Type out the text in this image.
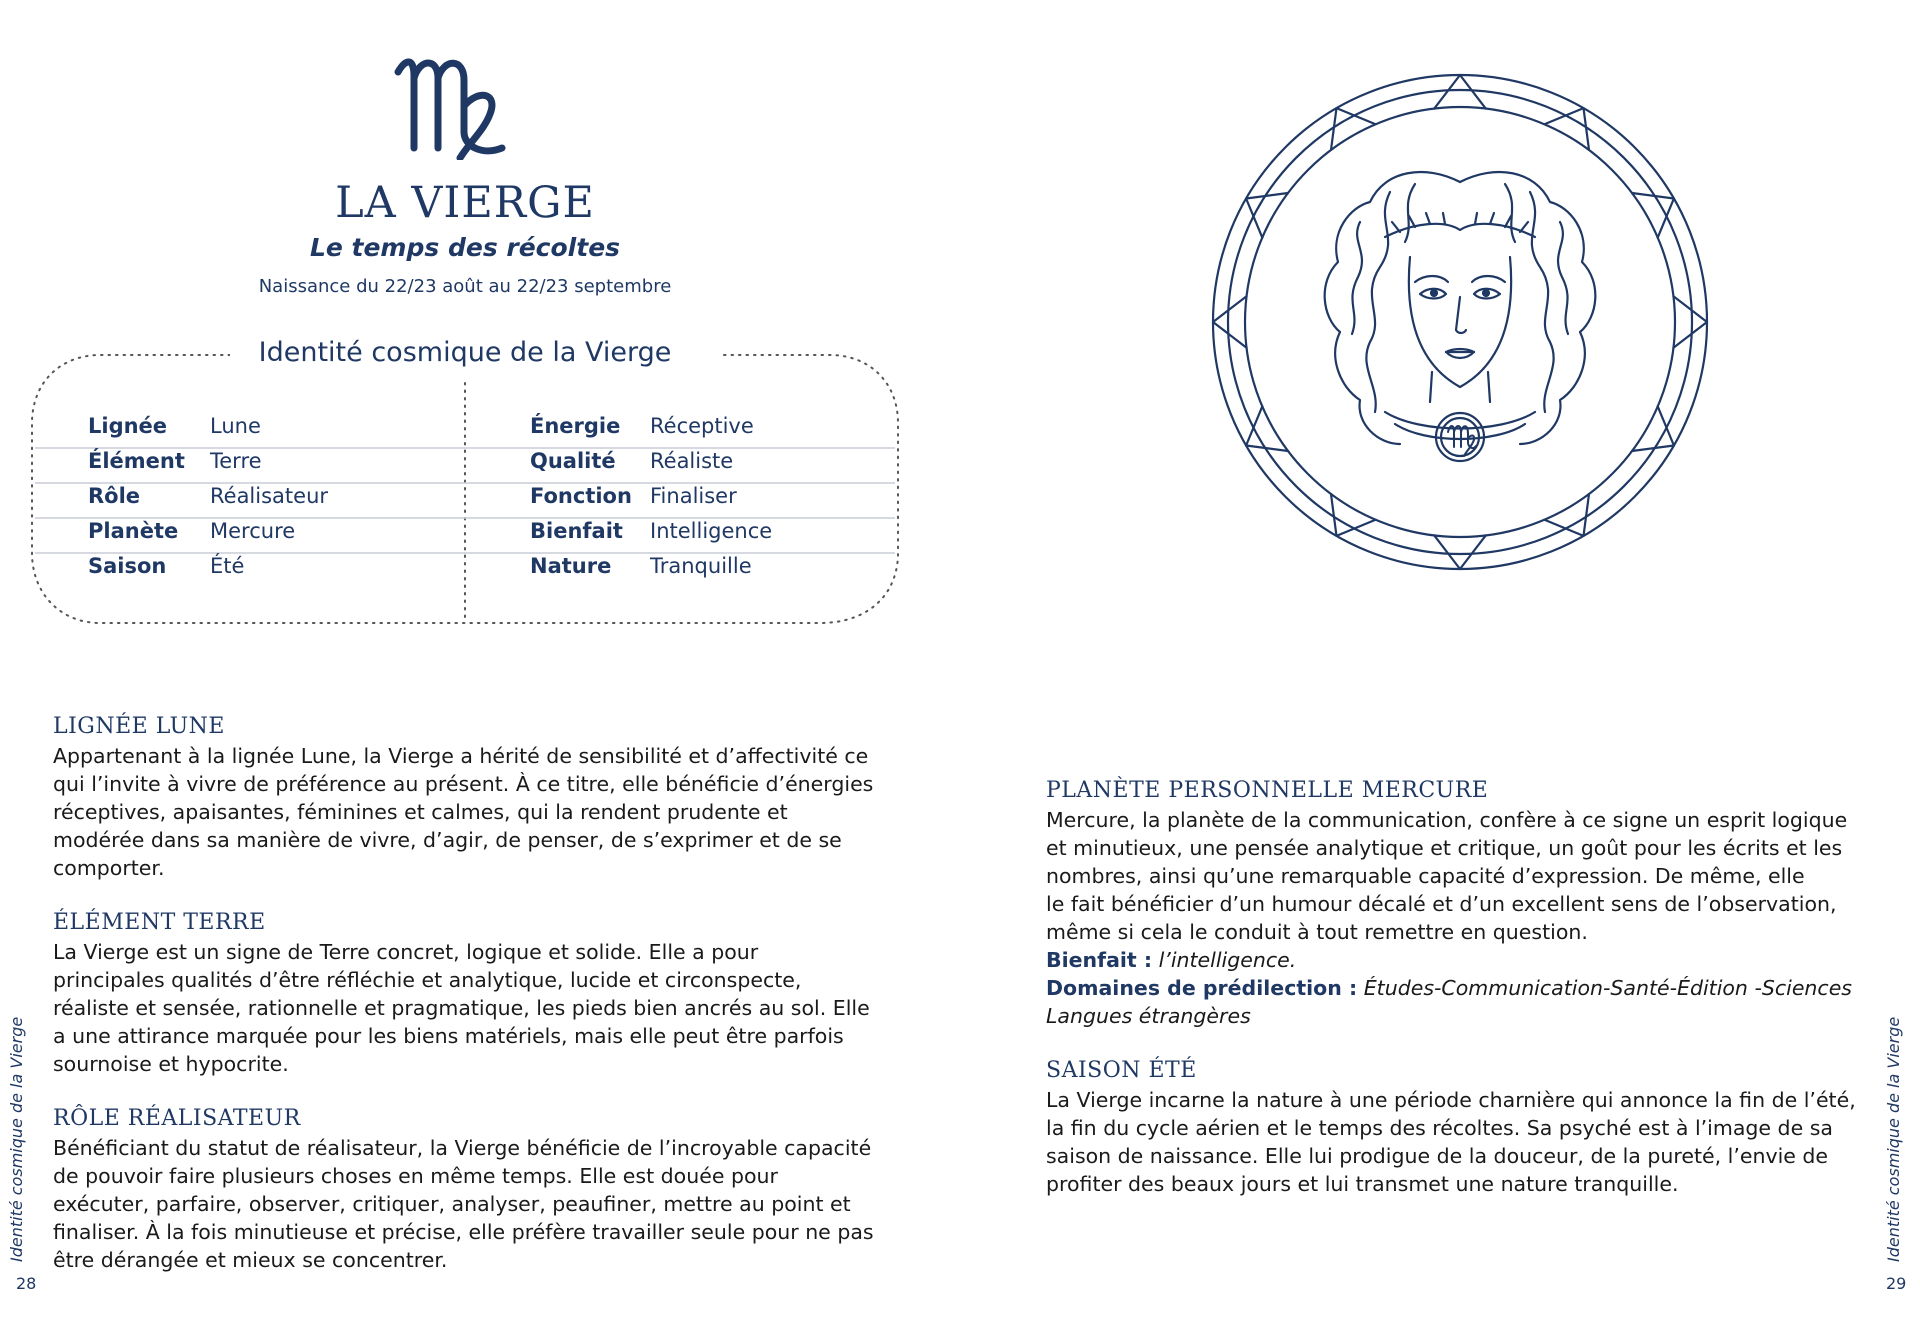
LA VIERGE
Le temps des récoltes
Naissance du 22/23 août au 22/23 septembre
Identité cosmique de la Vierge
Lignée Lune
Élément Terre
Rôle	Réalisateur
Planète Mercure
Saison Été
Énergie Réceptive
Qualité Réaliste
Fonction Finaliser
Bienfait Intelligence
Nature Tranquille
LIGNÉE LUNE
Appartenant à la lignée Lune, la Vierge a hérité de sensibilité et d’affectivité ce
qui l’invite à vivre de préférence au présent. À ce titre, elle bénéficie d’énergies
réceptives, apaisantes, féminines et calmes, qui la rendent prudente et
modérée dans sa manière de vivre, d’agir, de penser, de s’exprimer et de se
comporter.
ÉLÉMENT TERRE
La Vierge est un signe de Terre concret, logique et solide. Elle a pour
principales qualités d’être réfléchie et analytique, lucide et circonspecte,
réaliste et sensée, rationnelle et pragmatique, les pieds bien ancrés au sol. Elle
a une attirance marquée pour les biens matériels, mais elle peut être parfois
sournoise et hypocrite.
RÔLE RÉALISATEUR
Bénéficiant du statut de réalisateur, la Vierge bénéficie de l’incroyable capacité
de pouvoir faire plusieurs choses en même temps. Elle est douée pour
exécuter, parfaire, observer, critiquer, analyser, peaufiner, mettre au point et
finaliser. À la fois minutieuse et précise, elle préfère travailler seule pour ne pas
être dérangée et mieux se concentrer.
PLANÈTE PERSONNELLE MERCURE
Mercure, la planète de la communication, confère à ce signe un esprit logique
et minutieux, une pensée analytique et critique, un goût pour les écrits et les
nombres, ainsi qu’une remarquable capacité d’expression. De même, elle
le fait bénéficier d’un humour décalé et d’un excellent sens de l’observation,
même si cela le conduit à tout remettre en question.
Bienfait : l’intelligence.
Domaines de prédilection : Études-Communication-Santé-Édition -Sciences
Langues étrangères
SAISON ÉTÉ
La Vierge incarne la nature à une période charnière qui annonce la fin de l’été,
la fin du cycle aérien et le temps des récoltes. Sa psyché est à l’image de sa
saison de naissance. Elle lui prodigue de la douceur, de la pureté, l’envie de
profiter des beaux jours et lui transmet une nature tranquille.
Identité cosmique de la Vierge	Identité cosmique de la Vierge
28	29
